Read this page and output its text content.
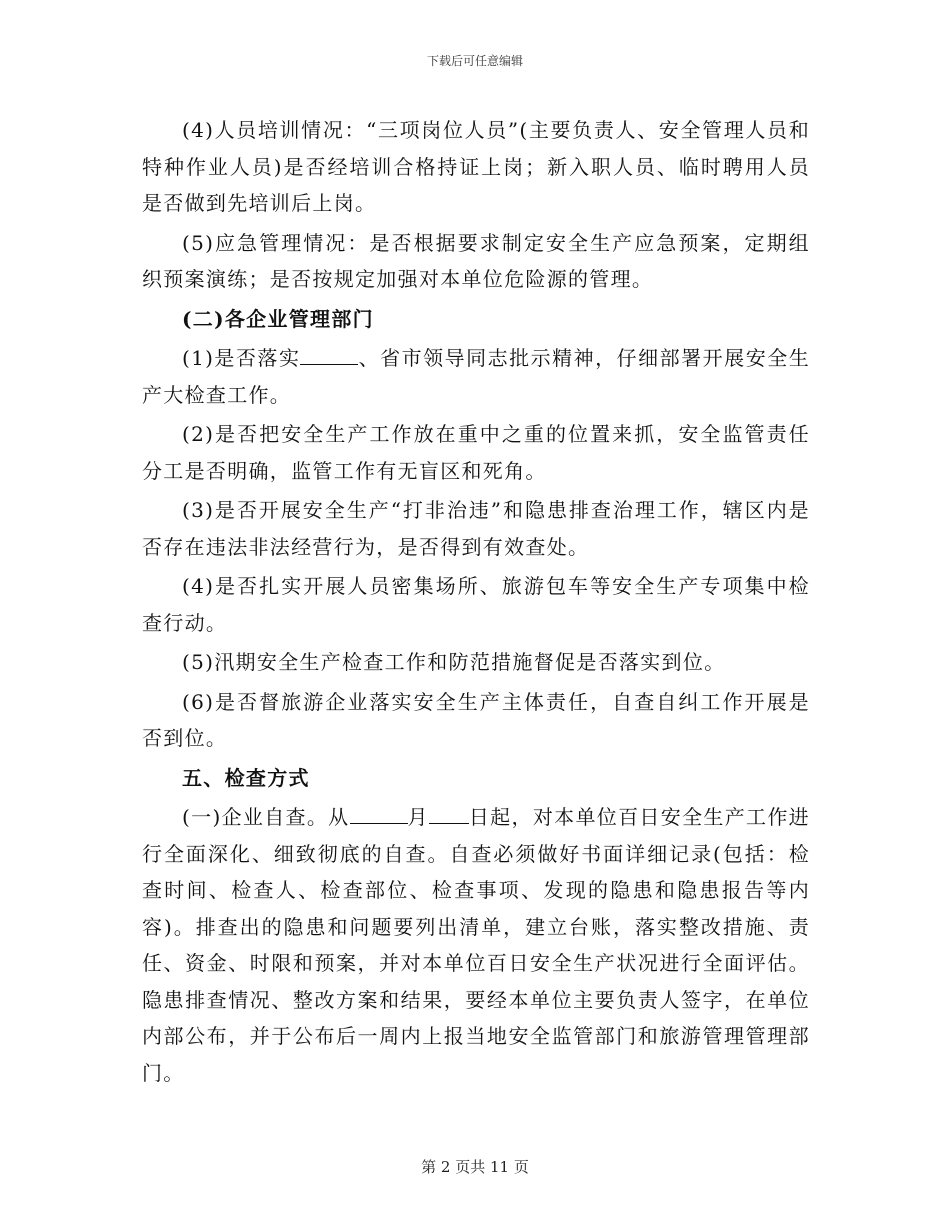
下载后可任意编辑

(4)人员培训情况：“三项岗位人员”(主要负责人、安全管理人员和特种作业人员)是否经培训合格持证上岗；新入职人员、临时聘用人员是否做到先培训后上岗。

(5)应急管理情况：是否根据要求制定安全生产应急预案，定期组织预案演练；是否按规定加强对本单位危险源的管理。

(二)各企业管理部门

(1)是否落实	、省市领导同志批示精神，仔细部署开展安全生产大检查工作。

(2)是否把安全生产工作放在重中之重的位置来抓，安全监管责任分工是否明确，监管工作有无盲区和死角。

(3)是否开展安全生产“打非治违”和隐患排查治理工作，辖区内是否存在违法非法经营行为，是否得到有效查处。

(4)是否扎实开展人员密集场所、旅游包车等安全生产专项集中检查行动。

(5)汛期安全生产检查工作和防范措施督促是否落实到位。

(6)是否督旅游企业落实安全生产主体责任，自查自纠工作开展是否到位。

五、检查方式

(一)企业自查。从	月 日起，对本单位百日安全生产工作进行全面深化、细致彻底的自查。自查必须做好书面详细记录(包括：检查时间、检查人、检查部位、检查事项、发现的隐患和隐患报告等内容)。排查出的隐患和问题要列出清单，建立台账，落实整改措施、责任、资金、时限和预案，并对本单位百日安全生产状况进行全面评估。隐患排查情况、整改方案和结果，要经本单位主要负责人签字，在单位内部公布，并于公布后一周内上报当地安全监管部门和旅游管理管理部门。

第 2 页共 11 页
